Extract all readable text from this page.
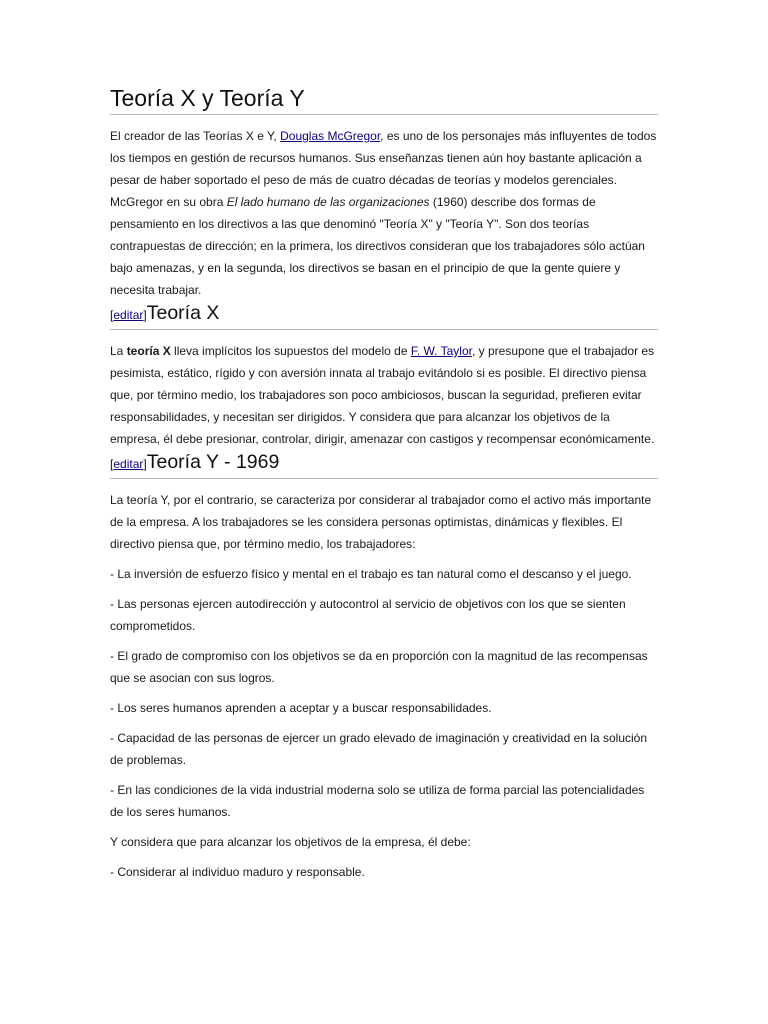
Teoría X y Teoría Y

El creador de las Teorías X e Y, Douglas McGregor, es uno de los personajes más influyentes de todos los tiempos en gestión de recursos humanos. Sus enseñanzas tienen aún hoy bastante aplicación a pesar de haber soportado el peso de más de cuatro décadas de teorías y modelos gerenciales. McGregor en su obra El lado humano de las organizaciones (1960) describe dos formas de pensamiento en los directivos a las que denominó "Teoría X" y "Teoría Y". Son dos teorías contrapuestas de dirección; en la primera, los directivos consideran que los trabajadores sólo actúan bajo amenazas, y en la segunda, los directivos se basan en el principio de que la gente quiere y necesita trabajar.

[editar]Teoría X

La teoría X lleva implícitos los supuestos del modelo de F. W. Taylor, y presupone que el trabajador es pesimista, estático, rígido y con aversión innata al trabajo evitándolo si es posible. El directivo piensa que, por término medio, los trabajadores son poco ambiciosos, buscan la seguridad, prefieren evitar responsabilidades, y necesitan ser dirigidos. Y considera que para alcanzar los objetivos de la empresa, él debe presionar, controlar, dirigir, amenazar con castigos y recompensar económicamente.

[editar]Teoría Y - 1969

La teoría Y, por el contrario, se caracteriza por considerar al trabajador como el activo más importante de la empresa. A los trabajadores se les considera personas optimistas, dinámicas y flexibles. El directivo piensa que, por término medio, los trabajadores:

- La inversión de esfuerzo físico y mental en el trabajo es tan natural como el descanso y el juego.

- Las personas ejercen autodirección y autocontrol al servicio de objetivos con los que se sienten comprometidos.

- El grado de compromiso con los objetivos se da en proporción con la magnitud de las recompensas que se asocian con sus logros.

- Los seres humanos aprenden a aceptar y a buscar responsabilidades.

- Capacidad de las personas de ejercer un grado elevado de imaginación y creatividad en la solución de problemas.

- En las condiciones de la vida industrial moderna solo se utiliza de forma parcial las potencialidades de los seres humanos.

Y considera que para alcanzar los objetivos de la empresa, él debe:

- Considerar al individuo maduro y responsable.
